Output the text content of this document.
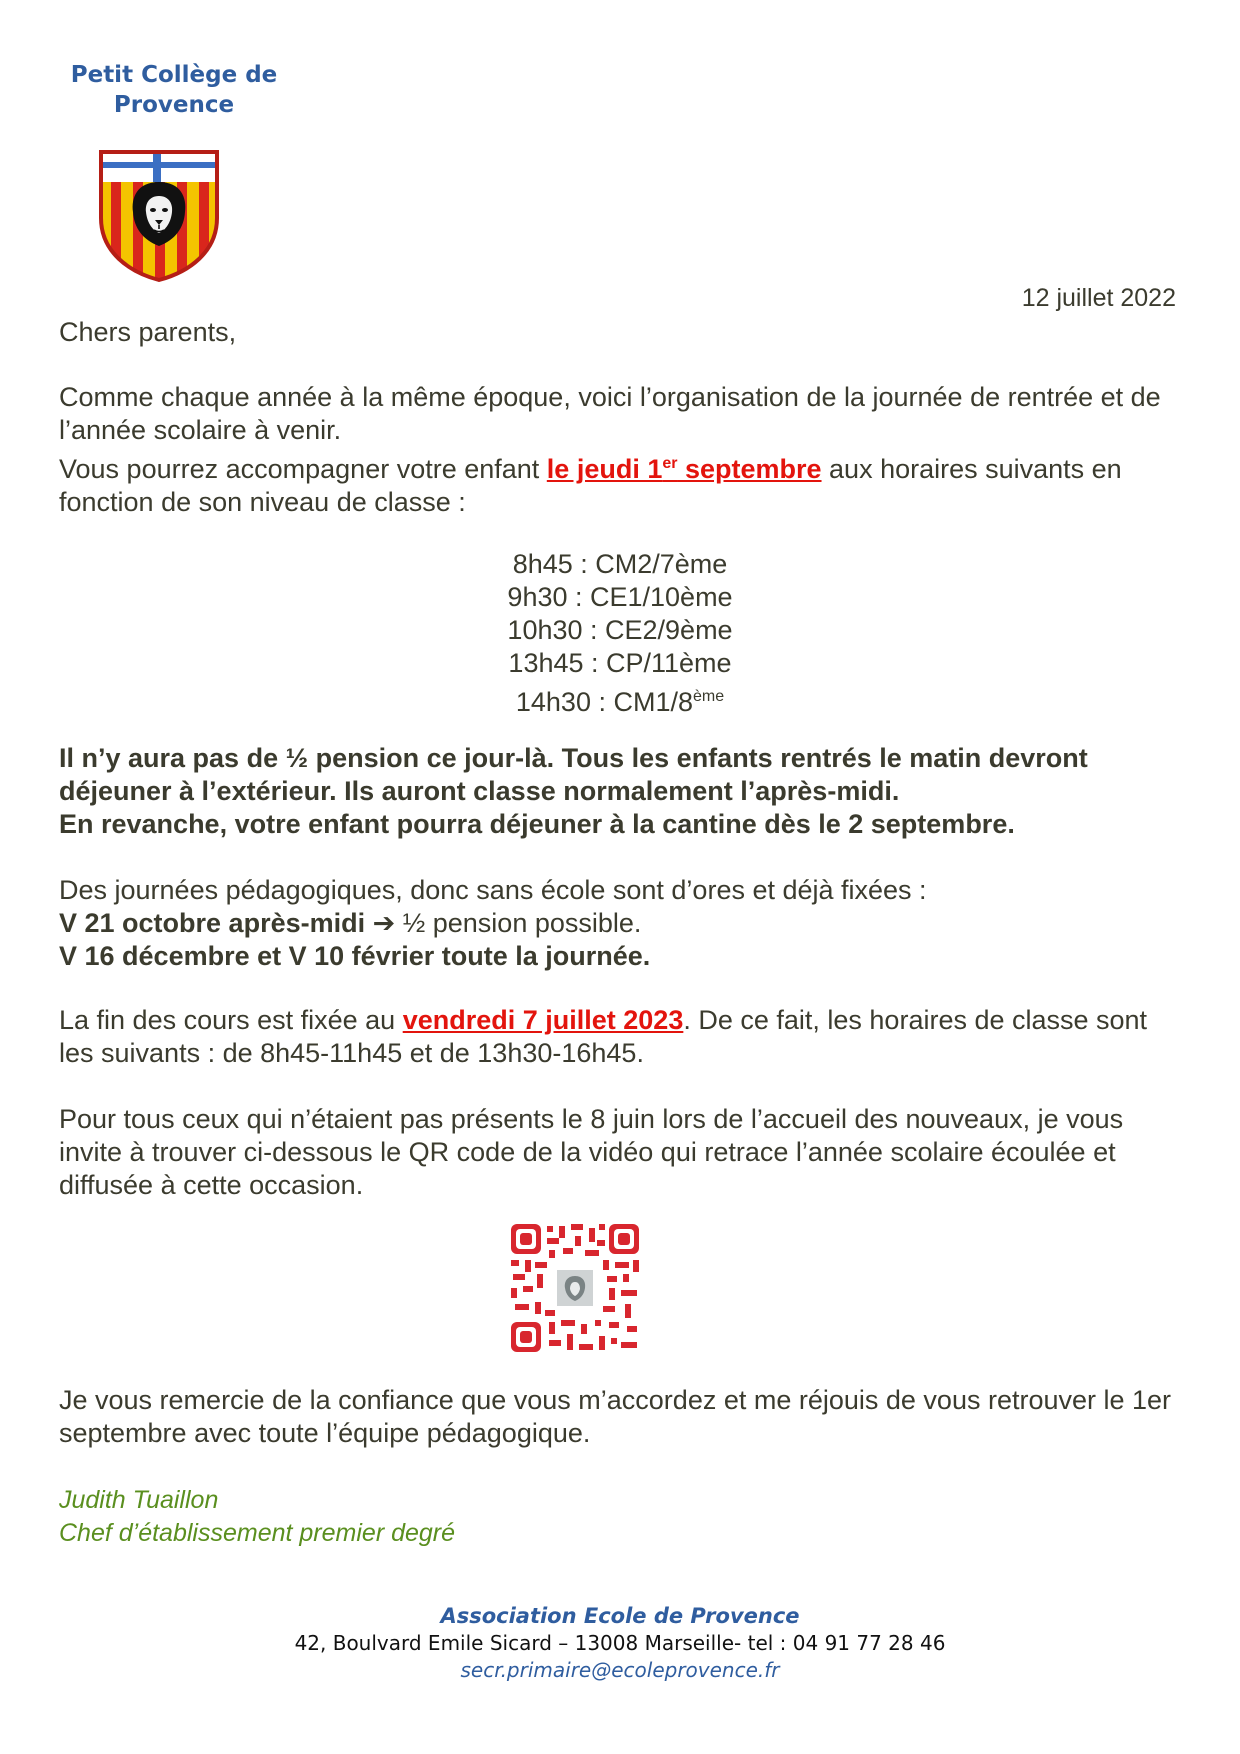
Petit Collège de
Provence
12 juillet 2022

Chers parents,

Comme chaque année à la même époque, voici l’organisation de la journée de rentrée et de l’année scolaire à venir.

Vous pourrez accompagner votre enfant le jeudi 1er septembre aux horaires suivants en fonction de son niveau de classe :

8h45 : CM2/7ème
9h30 : CE1/10ème
10h30 : CE2/9ème
13h45 : CP/11ème
14h30 : CM1/8ème

Il n’y aura pas de ½ pension ce jour-là. Tous les enfants rentrés le matin devront

déjeuner à l’extérieur. Ils auront classe normalement l’après-midi.

En revanche, votre enfant pourra déjeuner à la cantine dès le 2 septembre.

Des journées pédagogiques, donc sans école sont d’ores et déjà fixées :

V 21 octobre après-midi ➔ ½ pension possible.

V 16 décembre et V 10 février toute la journée.

La fin des cours est fixée au vendredi 7 juillet 2023. De ce fait, les horaires de classe sont les suivants : de 8h45-11h45 et de 13h30-16h45.

Pour tous ceux qui n’étaient pas présents le 8 juin lors de l’accueil des nouveaux, je vous invite à trouver ci-dessous le QR code de la vidéo qui retrace l’année scolaire écoulée et diffusée à cette occasion.

Je vous remercie de la confiance que vous m’accordez et me réjouis de vous retrouver le 1er septembre avec toute l’équipe pédagogique.

Judith Tuaillon

Chef d’établissement premier degré

Association Ecole de Provence
42, Boulvard Emile Sicard – 13008 Marseille- tel : 04 91 77 28 46
secr.primaire@ecoleprovence.fr
